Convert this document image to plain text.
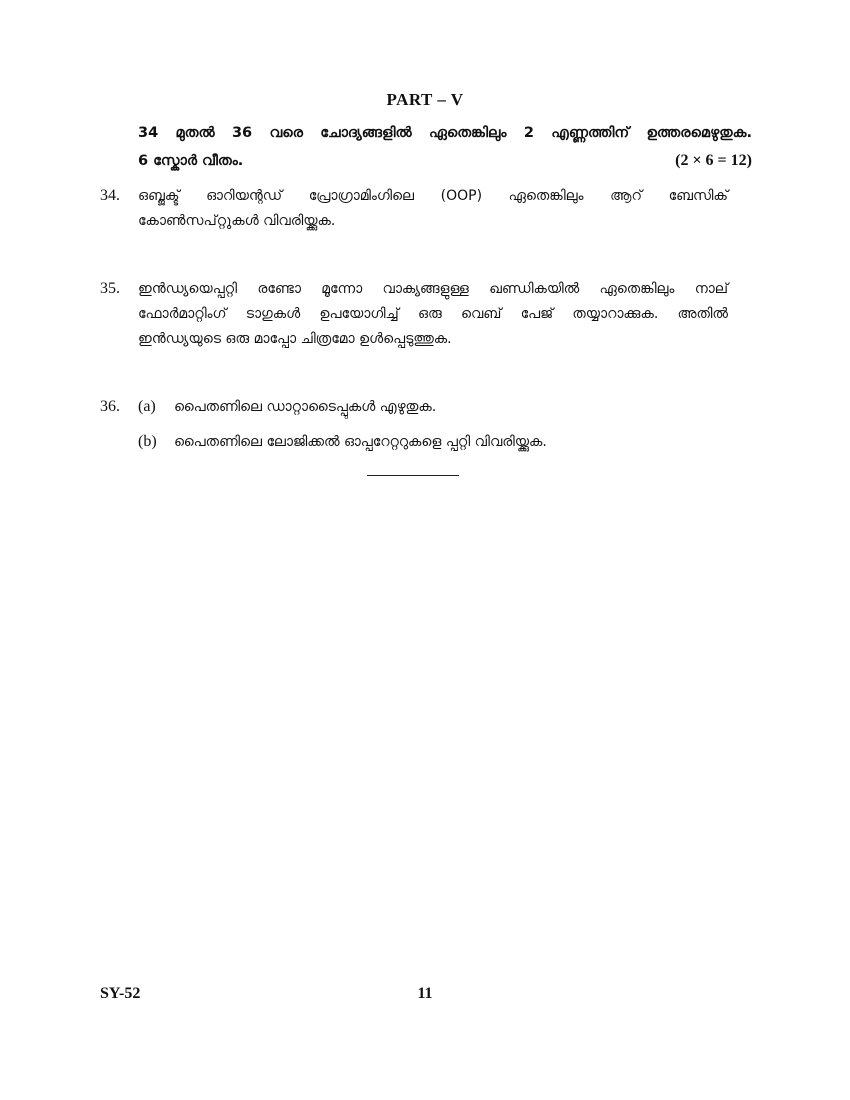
PART – V
34 മുതൽ 36 വരെ ചോദ്യങ്ങളിൽ ഏതെങ്കിലും 2 എണ്ണത്തിന് ഉത്തരമെഴുതുക.
6 സ്കോർ വീതം.	(2 × 6 = 12)
34. ഒബ്ജക്ട് ഓറിയന്റഡ് പ്രോഗ്രാമിംഗിലെ (OOP) ഏതെങ്കിലും ആറ് ബേസിക്
കോൺസപ്റ്റുകൾ വിവരിയ്ക്കുക.
35. ഇൻഡ്യയെപ്പറ്റി രണ്ടോ മൂന്നോ വാക്യങ്ങളുള്ള ഖണ്ഡികയിൽ ഏതെങ്കിലും നാല്
ഫോർമാറ്റിംഗ് ടാഗുകൾ ഉപയോഗിച്ച് ഒരു വെബ് പേജ് തയ്യാറാക്കുക. അതിൽ
ഇൻഡ്യയുടെ ഒരു മാപ്പോ ചിത്രമോ ഉൾപ്പെടുത്തുക.
36. (a) പൈതണിലെ ഡാറ്റാടൈപ്പുകൾ എഴുതുക.
(b) പൈതണിലെ ലോജിക്കൽ ഓപ്പറേറ്ററുകളെ പ്പറ്റി വിവരിയ്ക്കുക.
SY-52	11
